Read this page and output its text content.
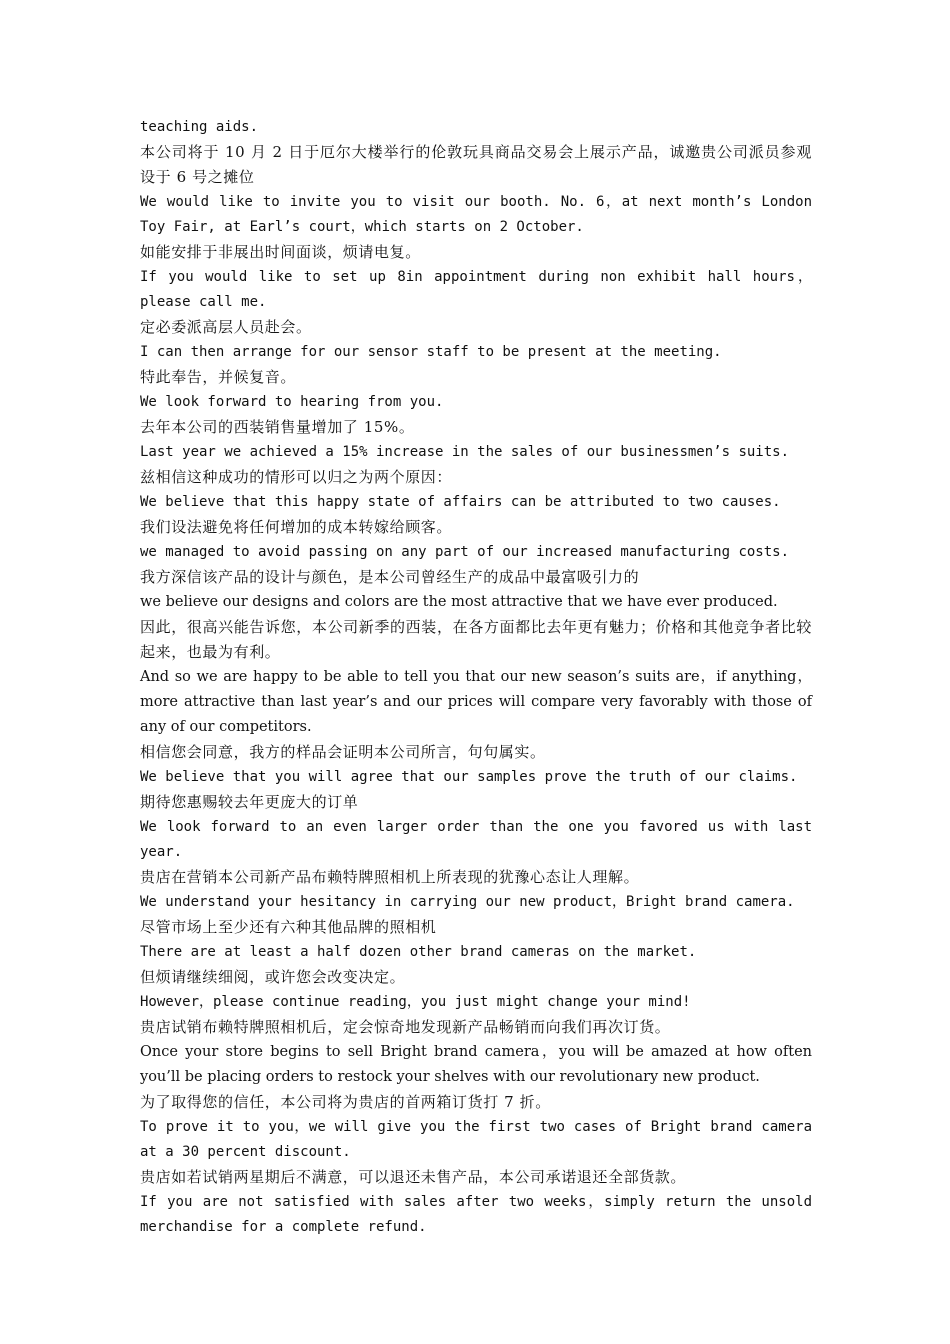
teaching aids.
本公司将于 10 月 2 日于厄尔大楼举行的伦敦玩具商品交易会上展示产品，诚邀贵公司派员参观设于 6 号之摊位
We would like to invite you to visit our booth. No. 6，at next month’s London Toy Fair, at Earl’s court，which starts on 2 October.
如能安排于非展出时间面谈，烦请电复。
If you would like to set up 8in appointment during non exhibit hall hours，please call me.
定必委派高层人员赴会。
I can then arrange for our sensor staff to be present at the meeting.
特此奉告，并候复音。
We look forward to hearing from you.
去年本公司的西装销售量增加了 15%。
Last year we achieved a 15% increase in the sales of our businessmen’s suits.
兹相信这种成功的情形可以归之为两个原因：
We believe that this happy state of affairs can be attributed to two causes.
我们设法避免将任何增加的成本转嫁给顾客。
we managed to avoid passing on any part of our increased manufacturing costs.
我方深信该产品的设计与颜色，是本公司曾经生产的成品中最富吸引力的
we believe our designs and colors are the most attractive that we have ever produced.
因此，很高兴能告诉您，本公司新季的西装，在各方面都比去年更有魅力；价格和其他竞争者比较起来，也最为有利。
And so we are happy to be able to tell you that our new season’s suits are，if anything，more attractive than last year’s and our prices will compare very favorably with those of any of our competitors.
相信您会同意，我方的样品会证明本公司所言，句句属实。
We believe that you will agree that our samples prove the truth of our claims.
期待您惠赐较去年更庞大的订单
We look forward to an even larger order than the one you favored us with last year.
贵店在营销本公司新产品布赖特牌照相机上所表现的犹豫心态让人理解。
We understand your hesitancy in carrying our new product，Bright brand camera.
尽管市场上至少还有六种其他品牌的照相机
There are at least a half dozen other brand cameras on the market.
但烦请继续细阅，或许您会改变决定。
However，please continue reading，you just might change your mind!
贵店试销布赖特牌照相机后，定会惊奇地发现新产品畅销而向我们再次订货。
Once your store begins to sell Bright brand camera，you will be amazed at how often you’ll be placing orders to restock your shelves with our revolutionary new product.
为了取得您的信任，本公司将为贵店的首两箱订货打 7 折。
To prove it to you，we will give you the first two cases of Bright brand camera at a 30 percent discount.
贵店如若试销两星期后不满意，可以退还未售产品，本公司承诺退还全部货款。
If you are not satisfied with sales after two weeks，simply return the unsold merchandise for a complete refund.
